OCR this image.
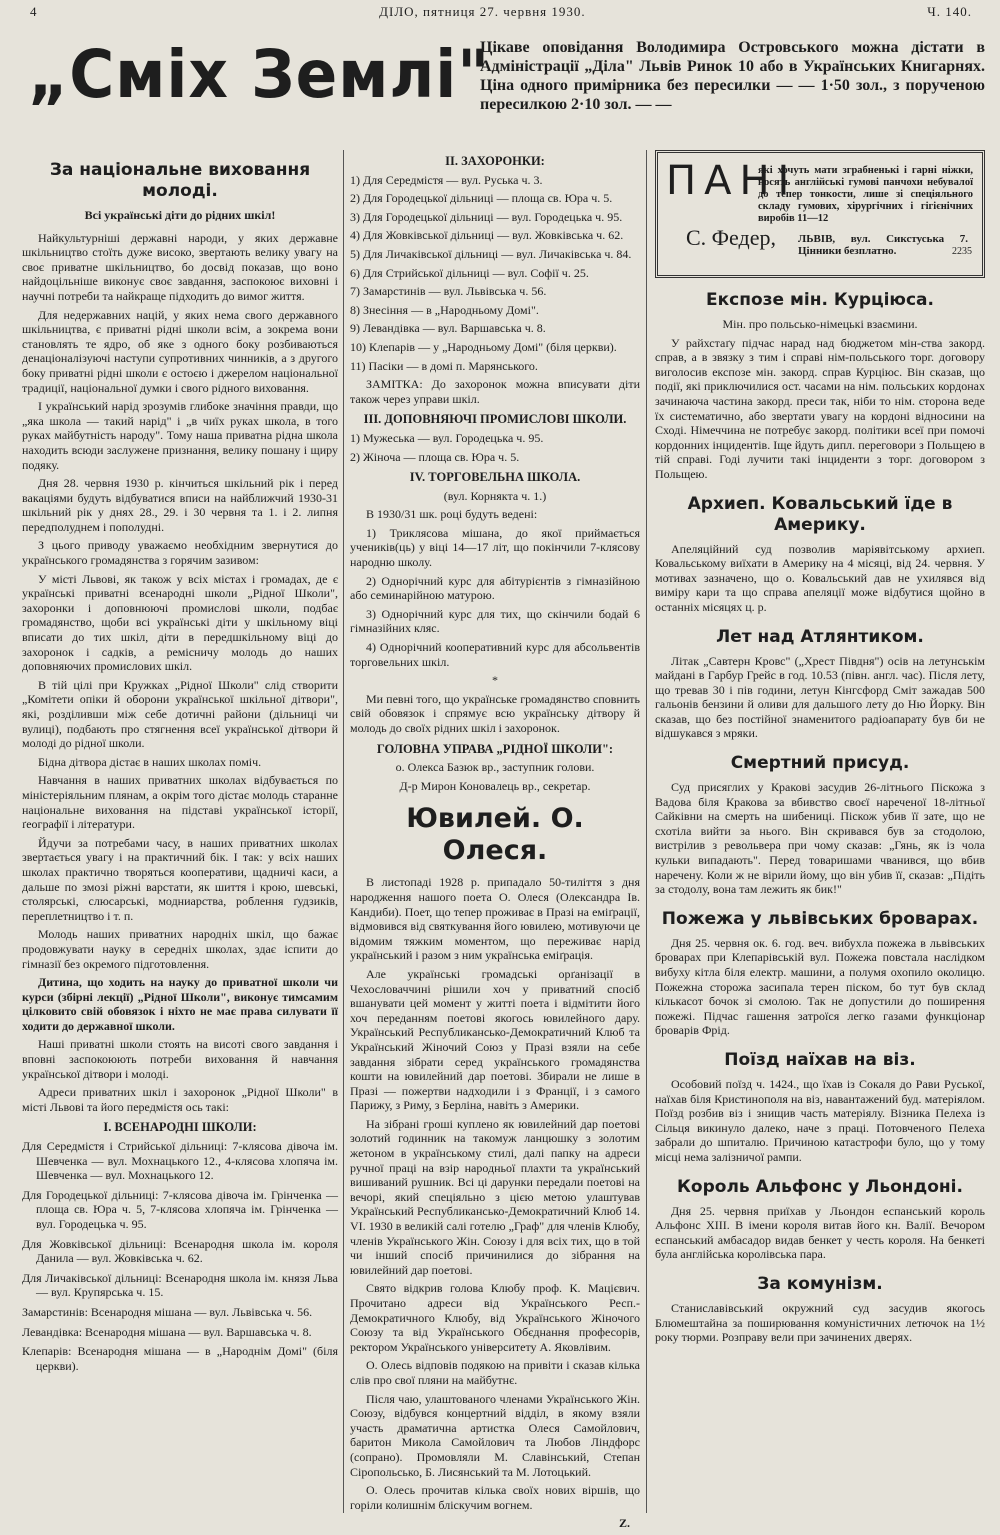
4	ДІЛО, пятниця 27. червня 1930.	Ч. 140.
„Сміх Землі"
Цікаве оповідання Володимира Островського можна дістати в Адміністрації „Діла" Львів Ринок 10 або в Українських Книгарнях. Ціна одного примірника без пересилки — — 1·50 зол., з порученою пересилкою 2·10 зол. — —
За національне виховання молоді.
Всі українські діти до рідних шкіл!
Найкультурніші державні народи, у яких державне шкільництво стоїть дуже високо, звертають велику увагу на своє приватне шкільництво, бо досвід показав, що воно найдоцільніше виконує своє завдання, заспокоює виховні і научні потреби та найкраще підходить до вимог життя.
Для недержавних націй, у яких нема свого державного шкільництва, є приватні рідні школи всім, а зокрема вони становлять те ядро, об яке з одного боку розбиваються денаціоналізуючі наступи супротивних чинників, а з другого боку приватні рідні школи є остоєю і джерелом національної традиції, національної думки і свого рідного виховання.
І український нарід зрозумів глибоке значіння правди, що „яка школа — такий нарід" і „в чиїх руках школа, в того руках майбутність народу". Тому наша приватна рідна школа находить всюди заслужене признання, велику пошану і щиру подяку.
Дня 28. червня 1930 р. кінчиться шкільний рік і перед вакаціями будуть відбуватися вписи на найближчий 1930-31 шкільний рік у днях 28., 29. і 30 червня та 1. і 2. липня передполуднем і пополудні.
З цього приводу уважаємо необхідним звернутися до українського громадянства з горячим зазивом:
У місті Львові, як також у всіх містах і громадах, де є українські приватні всенародні школи „Рідної Школи", захоронки і доповнюючі промислові школи, подбає громадянство, щоби всі українські діти у шкільному віці вписати до тих шкіл, діти в передшкільному віці до захоронок і садків, а ремісничу молодь до наших доповняючих промислових шкіл.
В тій цілі при Кружках „Рідної Школи" слід створити „Комітети опіки й оборони української шкільної дітвори", які, розділивши між себе дотичні райони (дільниці чи вулиці), подбають про стягнення всеї української дітвори й молоді до рідної школи.
Бідна дітвора дістає в наших школах поміч.
Навчання в наших приватних школах відбувається по міністеріяльним плянам, а окрім того дістає молодь старанне національне виховання на підставі української історії, ґеографії і літератури.
Йдучи за потребами часу, в наших приватних школах звертається увагу і на практичний бік. І так: у всіх наших школах практично творяться кооперативи, щадничі каси, а дальше по змозі ріжні варстати, як шиття і крою, шевські, столярські, слюсарські, модниарства, роблення ґудзиків, переплетництво і т. п.
Молодь наших приватних народніх шкіл, що бажає продовжувати науку в середніх школах, здає іспити до гімназії без окремого підготовлення.
Дитина, що ходить на науку до приватної школи чи курси (збірні лекції) „Рідної Школи", виконує тимсамим цілковито свій обовязок і ніхто не має права силувати її ходити до державної школи.
Наші приватні школи стоять на висоті свого завдання і вповні заспокоюють потреби виховання й навчання української дітвори і молоді.
Адреси приватних шкіл і захоронок „Рідної Школи" в місті Львові та його передмістя ось такі:
I. ВСЕНАРОДНІ ШКОЛИ:
Для Середмістя і Стрийської дільниці: 7-клясова дівоча ім. Шевченка — вул. Мохнацького 12., 4-клясова хлопяча ім. Шевченка — вул. Мохнацького 12.
Для Городецької дільниці: 7-клясова дівоча ім. Грінченка — площа св. Юра ч. 5, 7-клясова хлопяча ім. Грінченка — вул. Городецька ч. 95.
Для Жовківської дільниці: Всенародня школа ім. короля Данила — вул. Жовківська ч. 62.
Для Личаківської дільниці: Всенародня школа ім. князя Льва — вул. Крупярська ч. 15.
Замарстинів: Всенародня мішана — вул. Львівська ч. 56.
Левандівка: Всенародня мішана — вул. Варшавська ч. 8.
Клепарів: Всенародня мішана — в „Народнім Домі" (біля церкви).
II. ЗАХОРОНКИ:
1) Для Середмістя — вул. Руська ч. 3.
2) Для Городецької дільниці — площа св. Юра ч. 5.
3) Для Городецької дільниці — вул. Городецька ч. 95.
4) Для Жовківської дільниці — вул. Жовківська ч. 62.
5) Для Личаківської дільниці — вул. Личаківська ч. 84.
6) Для Стрийської дільниці — вул. Софії ч. 25.
7) Замарстинів — вул. Львівська ч. 56.
8) Знесіння — в „Народньому Домі".
9) Левандівка — вул. Варшавська ч. 8.
10) Клепарів — у „Народньому Домі" (біля церкви).
11) Пасіки — в домі п. Марянського.
ЗАМІТКА: До захоронок можна вписувати діти також через управи шкіл.
III. ДОПОВНЯЮЧІ ПРОМИСЛОВІ ШКОЛИ.
1) Мужеська — вул. Городецька ч. 95.
2) Жіноча — площа св. Юра ч. 5.
IV. ТОРГОВЕЛЬНА ШКОЛА.
(вул. Корнякта ч. 1.)
В 1930/31 шк. році будуть ведені:
1) Триклясова мішана, до якої приймається учеників(ць) у віці 14—17 літ, що покінчили 7-клясову народню школу.
2) Однорічний курс для абітурієнтів з гімназійною або семинарійною матурою.
3) Однорічний курс для тих, що скінчили бодай 6 гімназійних кляс.
4) Однорічний кооперативний курс для абсольвентів торговельних шкіл.
*
Ми певні того, що українське громадянство сповнить свій обовязок і спрямує всю українську дітвору й молодь до своїх рідних шкіл і захоронок.
ГОЛОВНА УПРАВА „РІДНОЇ ШКОЛИ":
о. Олекса Базюк вр., заступник голови.
Д-р Мирон Коновалець вр., секретар.
Ювилей. О. Олеся.
В листопаді 1928 р. припадало 50-тиліття з дня народження нашого поета О. Олеся (Олександра Ів. Кандиби). Поет, що тепер проживає в Празі на еміґрації, відмовився від святкування його ювилею, мотивуючи це відомим тяжким моментом, що переживає нарід український і разом з ним українська еміґрація.
Але українські громадські орґанізації в Чехословаччині рішили хоч у приватний спосіб вшанувати цей момент у житті поета і відмітити його хоч переданням поетові якогось ювилейного дару. Український Республиканcько-Демократичний Клюб та Український Жіночий Союз у Празі взяли на себе завдання зібрати серед українського громадянства кошти на ювилейний дар поетові. Збирали не лише в Празі — пожертви надходили і з Франції, і з самого Парижу, з Риму, з Берліна, навіть з Америки.
На зібрані гроші куплено як ювилейний дар поетові золотий годинник на такомуж ланцюшку з золотим жетоном в українському стилі, далі папку на адреси ручної праці на взір народньої плахти та український вишиваний рушник. Всі ці дарунки передали поетові на вечорі, який спеціяльно з цією метою улаштував Український Республиканcько-Демократичний Клюб 14. VI. 1930 в великій салі готелю „Граф" для членів Клюбу, членів Українського Жін. Союзу і для всіх тих, що в той чи інший спосіб причинилися до зібрання на ювилейний дар поетові.
Свято відкрив голова Клюбу проф. К. Мацієвич. Прочитано адреси від Українського Респ.-Демократичного Клюбу, від Українського Жіночого Союзу та від Українського Обєднання професорів, ректором Українського університету А. Яковлівим.
О. Олесь відповів подякою на привіти і сказав кілька слів про свої пляни на майбутнє.
Після чаю, улаштованого членами Українського Жін. Союзу, відбувся концертний відділ, в якому взяли участь драматична артистка Олеся Самойлович, баритон Микола Самойлович та Любов Ліндфорс (сопрано). Промовляли М. Славінський, Степан Сіропольсько, Б. Лисянський та М. Лотоцький.
О. Олесь прочитав кілька своїх нових віршів, що горіли колишнім бліскучим вогнем.
Z.
ПАНІ
які хочуть мати зграбненькі і гарні ніжки, носять англійські гумові панчохи небувалої до тепер тонкости, лише зі спеціяльного складу гумових, хірургічних і гігієнічних виробів 11—12
С. Федер, ЛЬВІВ, вул. Сикстуська 7. Цінники безплатно.	2235
Експозе мін. Курціюса.
Мін. про польсько-німецькі взаємини.
У райхстаґу підчас нарад над бюджетом мін-ства закорд. справ, а в звязку з тим і справі нім-польського торг. договору виголосив експозе мін. закорд. справ Курціюс. Він сказав, що події, які приключилися ост. часами на нім. польських кордонах зачинаюча частина закорд. преси так, ніби то нім. сторона веде їх систематично, або звертати увагу на кордоні відносини на Сході. Німеччина не потребує закорд. політики всеї при помочі кордонних інцидентів. Іще йдуть дипл. переговори з Польщею в тій справі. Годі лучити такі інциденти з торг. договором з Польщею.
Архиеп. Ковальський їде в Америку.
Апеляційний суд позволив маріявітському архиеп. Ковальському виїхати в Америку на 4 місяці, від 24. червня. У мотивах зазначено, що о. Ковальський дав не ухилявся від виміру кари та що справа апеляції може відбутися щойно в останніх місяцях ц. р.
Лет над Атлянтиком.
Літак „Савтерн Кровс" („Хрест Півдня") осів на летунськім майдані в Гарбур Грейс в год. 10.53 (півн. англ. час). Після лету, що тревав 30 і пів години, летун Кінгсфорд Сміт зажадав 500 гальонів бензини й оливи для дальшого лету до Ню Йорку. Він сказав, що без постійної знаменитого радіоапарату був би не відшукався з мряки.
Смертний присуд.
Суд присяглих у Кракові засудив 26-літнього Піскожа з Вадова біля Кракова за вбивство своєї нареченої 18-літньої Сайківни на смерть на шибениці. Піскож убив її зате, що не схотіла вийти за нього. Він скривався був за стодолою, вистрілив з револьвера при чому сказав: „Гянь, як із чола кульки випадають". Перед товаришами чванився, що вбив наречену. Коли ж не вірили йому, що він убив її, сказав: „Підіть за стодолу, вона там лежить як бик!"
Пожежа у львівських броварах.
Дня 25. червня ок. 6. год. веч. вибухла пожежа в львівських броварах при Клепарівській вул. Пожежа повстала наслідком вибуху кітла біля електр. машини, а полумя охопило околицю. Пожежна сторожа засипала терен піском, бо тут був склад кількасот бочок зі смолою. Так не допустили до поширення пожежі. Підчас гашення затроїся легко газами функціонар броварів Фрід.
Поїзд наїхав на віз.
Особовий поїзд ч. 1424., що їхав із Сокаля до Рави Руської, наїхав біля Кристинополя на віз, навантажений буд. матеріялом. Поїзд розбив віз і знищив часть матеріялу. Візника Пелеха із Сільця викинуло далеко, наче з праці. Потовченого Пелеха забрали до шпиталю. Причиною катастрофи було, що у тому місці нема залізничої рампи.
Король Альфонс у Льондоні.
Дня 25. червня приїхав у Льондон еспанський король Альфонс XIII. В імени короля витав його кн. Валії. Вечором еспанський амбасадор видав бенкет у честь короля. На бенкеті була англійська королівська пара.
За комунізм.
Станиславівський окружний суд засудив якогось Блюмештайна за поширювання комуністичних летючок на 1½ року тюрми. Розправу вели при зачинених дверях.
